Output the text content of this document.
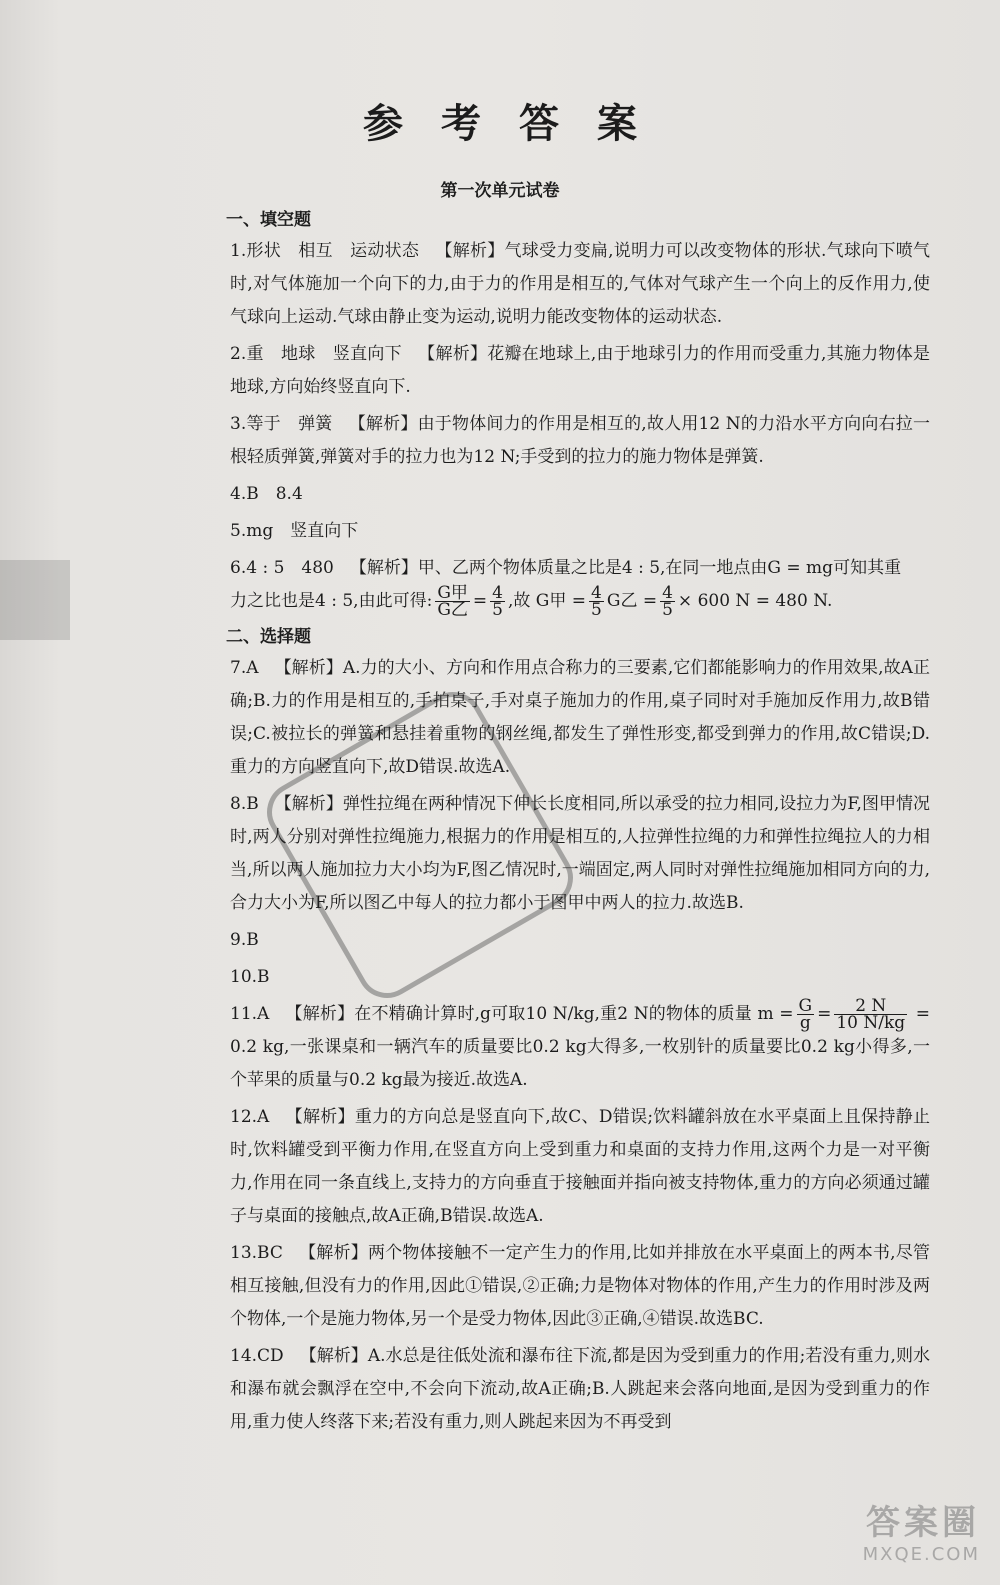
参考答案
第一次单元试卷
一、填空题

1.形状　相互　运动状态 【解析】气球受力变扁,说明力可以改变物体的形状.气球向下喷气时,对气体施加一个向下的力,由于力的作用是相互的,气体对气球产生一个向上的反作用力,使气球向上运动.气球由静止变为运动,说明力能改变物体的运动状态.

2.重　地球　竖直向下 【解析】花瓣在地球上,由于地球引力的作用而受重力,其施力物体是地球,方向始终竖直向下.

3.等于　弹簧 【解析】由于物体间力的作用是相互的,故人用12 N的力沿水平方向向右拉一根轻质弹簧,弹簧对手的拉力也为12 N;手受到的拉力的施力物体是弹簧.

4.B　8.4

5.mg　竖直向下

6.4 : 5　480 【解析】甲、乙两个物体质量之比是4 : 5,在同一地点由G = mg可知其重
力之比也是4 : 5,由此可得: $\frac{\text{G甲}}{\text{G乙}} = \frac{4}{5}$ ,故 G甲 = $\frac{4}{5}$ G乙 = $\frac{4}{5} \times 600$ N = 480 N.

二、选择题

7.A 【解析】A.力的大小、方向和作用点合称力的三要素,它们都能影响力的作用效果,故A正确;B.力的作用是相互的,手拍桌子,手对桌子施加力的作用,桌子同时对手施加反作用力,故B错误;C.被拉长的弹簧和悬挂着重物的钢丝绳,都发生了弹性形变,都受到弹力的作用,故C错误;D.重力的方向竖直向下,故D错误.故选A.

8.B 【解析】弹性拉绳在两种情况下伸长长度相同,所以承受的拉力相同,设拉力为F,图甲情况时,两人分别对弹性拉绳施力,根据力的作用是相互的,人拉弹性拉绳的力和弹性拉绳拉人的力相当,所以两人施加拉力大小均为F,图乙情况时,一端固定,两人同时对弹性拉绳施加相同方向的力,合力大小为F,所以图乙中每人的拉力都小于图甲中两人的拉力.故选B.

9.B

10.B

11.A 【解析】在不精确计算时,g可取10 N/kg,重2 N的物体的质量 $m = \frac{G}{g} = \frac{2 N}{10 N/kg} = 0.2$ kg,一张课桌和一辆汽车的质量要比0.2 kg大得多,一枚别针的质量要比0.2 kg小得多,一个苹果的质量与0.2 kg最为接近.故选A.

12.A 【解析】重力的方向总是竖直向下,故C、D错误;饮料罐斜放在水平桌面上且保持静止时,饮料罐受到平衡力作用,在竖直方向上受到重力和桌面的支持力作用,这两个力是一对平衡力,作用在同一条直线上,支持力的方向垂直于接触面并指向被支持物体,重力的方向必须通过罐子与桌面的接触点,故A正确,B错误.故选A.

13.BC 【解析】两个物体接触不一定产生力的作用,比如并排放在水平桌面上的两本书,尽管相互接触,但没有力的作用,因此①错误,②正确;力是物体对物体的作用,产生力的作用时涉及两个物体,一个是施力物体,另一个是受力物体,因此③正确,④错误.故选BC.

14.CD 【解析】A.水总是往低处流和瀑布往下流,都是因为受到重力的作用;若没有重力,则水和瀑布就会飘浮在空中,不会向下流动,故A正确;B.人跳起来会落向地面,是因为受到重力的作用,重力使人终落下来;若没有重力,则人跳起来因为不再受到

答案圈
MXQE.COM
